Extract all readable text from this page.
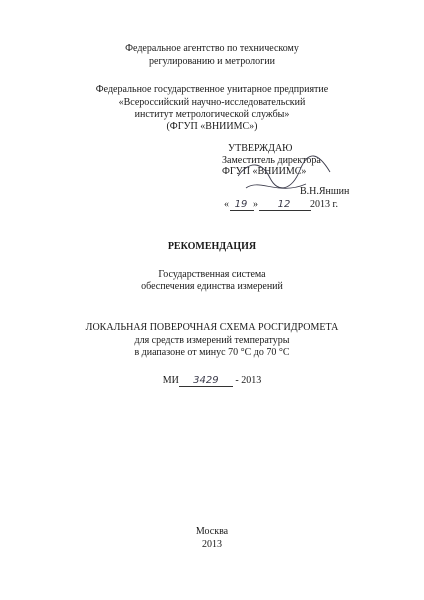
Федеральное агентство по техническому
регулированию и метрологии
Федеральное государственное унитарное предприятие
«Всероссийский научно-исследовательский
институт метрологической службы»
(ФГУП «ВНИИМС»)
УТВЕРЖДАЮ
Заместитель директора
ФГУП «ВНИИМС»
В.Н.Яншин
« 19 » 12 2013 г.
РЕКОМЕНДАЦИЯ
Государственная система
обеспечения единства измерений
ЛОКАЛЬНАЯ ПОВЕРОЧНАЯ СХЕМА РОСГИДРОМЕТА
для средств измерений температуры
в диапазоне от минус 70 °С до 70 °С
МИ 3429 - 2013
Москва
2013
